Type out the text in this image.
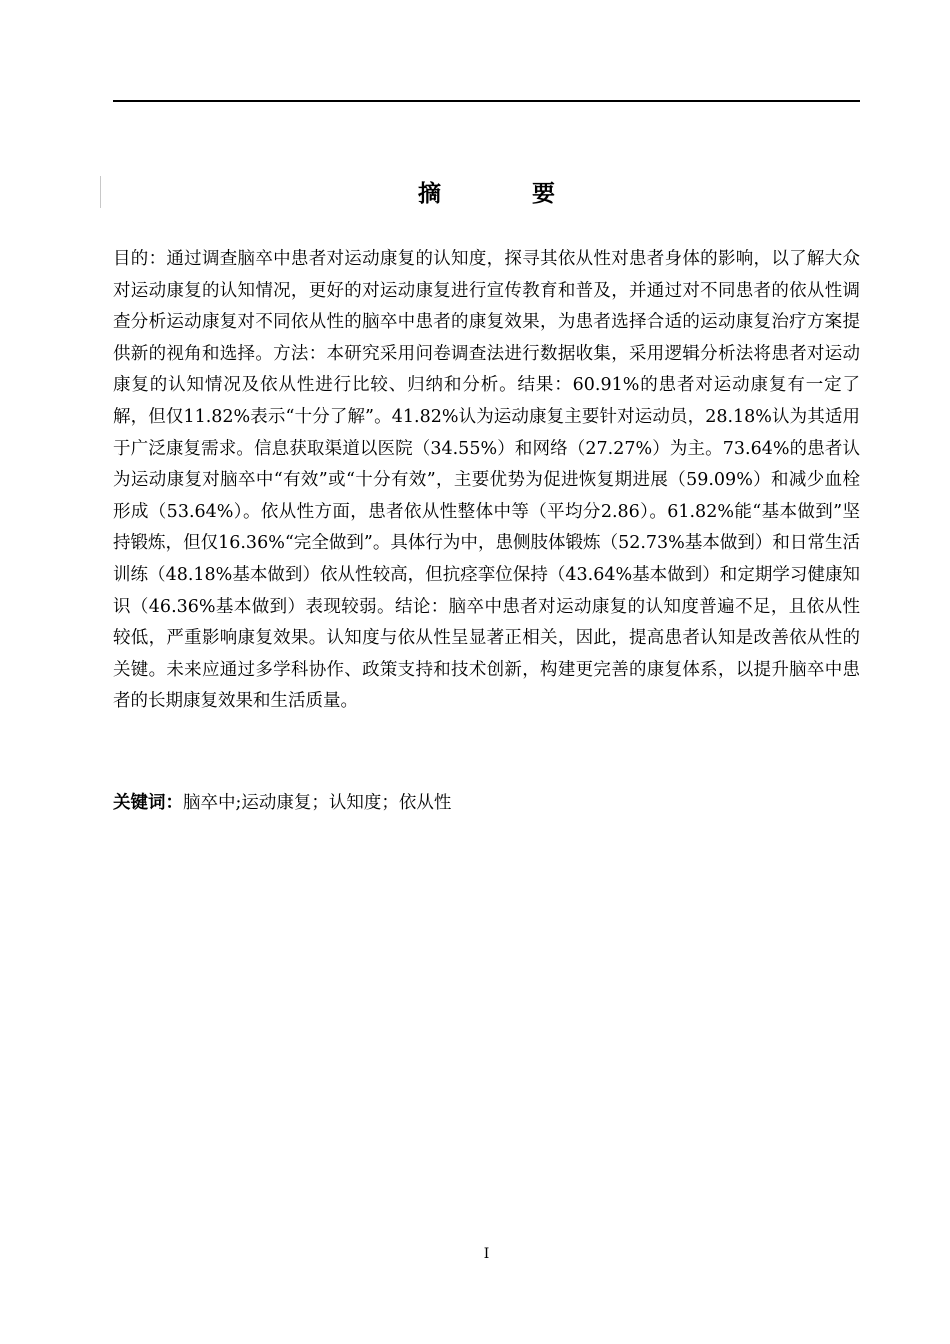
摘　要

目的：通过调查脑卒中患者对运动康复的认知度，探寻其依从性对患者身体的影响，以了解大众对运动康复的认知情况，更好的对运动康复进行宣传教育和普及，并通过对不同患者的依从性调查分析运动康复对不同依从性的脑卒中患者的康复效果，为患者选择合适的运动康复治疗方案提供新的视角和选择。方法：本研究采用问卷调查法进行数据收集，采用逻辑分析法将患者对运动康复的认知情况及依从性进行比较、归纳和分析。结果：60.91%的患者对运动康复有一定了解，但仅11.82%表示“十分了解”。41.82%认为运动康复主要针对运动员，28.18%认为其适用于广泛康复需求。信息获取渠道以医院（34.55%）和网络（27.27%）为主。73.64%的患者认为运动康复对脑卒中“有效”或“十分有效”，主要优势为促进恢复期进展（59.09%）和减少血栓形成（53.64%）。依从性方面，患者依从性整体中等（平均分2.86）。61.82%能“基本做到”坚持锻炼，但仅16.36%“完全做到”。具体行为中，患侧肢体锻炼（52.73%基本做到）和日常生活训练（48.18%基本做到）依从性较高，但抗痉挛位保持（43.64%基本做到）和定期学习健康知识（46.36%基本做到）表现较弱。结论：脑卒中患者对运动康复的认知度普遍不足，且依从性较低，严重影响康复效果。认知度与依从性呈显著正相关，因此，提高患者认知是改善依从性的关键。未来应通过多学科协作、政策支持和技术创新，构建更完善的康复体系，以提升脑卒中患者的长期康复效果和生活质量。

关键词：脑卒中;运动康复；认知度；依从性

I
